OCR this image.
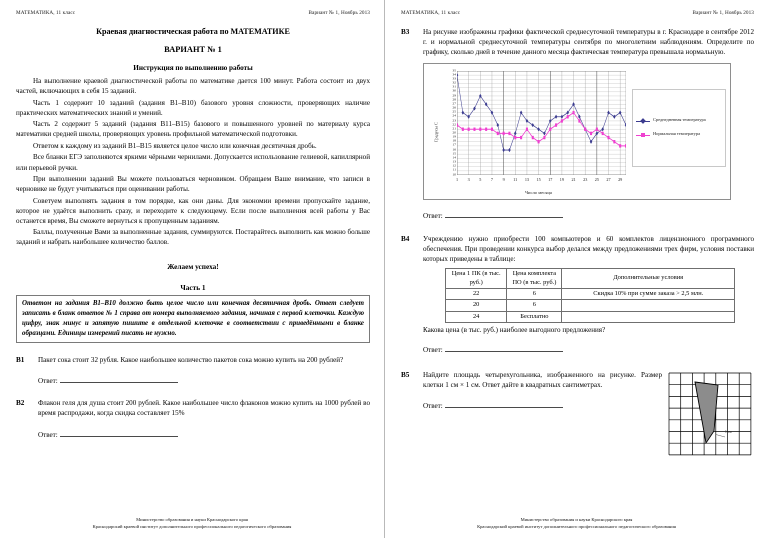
МАТЕМАТИКА, 11 класс	Вариант № 1, Ноябрь 2013
Краевая диагностическая работа по МАТЕМАТИКЕ
ВАРИАНТ № 1
Инструкция по выполнению работы

На выполнение краевой диагностической работы по математике дается 100 минут. Работа состоит из двух частей, включающих в себя 15 заданий.

Часть 1 содержит 10 заданий (задания В1–В10) базового уровня сложности, проверяющих наличие практических математических знаний и умений.

Часть 2 содержит 5 заданий (задания В11–В15) базового и повышенного уровней по материалу курса математики средней школы, проверяющих уровень профильной математической подготовки.

Ответом к каждому из заданий В1–В15 является целое число или конечная десятичная дробь.

Все бланки ЕГЭ заполняются яркими чёрными чернилами. Допускается использование гелиевой, капиллярной или перьевой ручки.

При выполнении заданий Вы можете пользоваться черновиком. Обращаем Ваше внимание, что записи в черновике не будут учитываться при оценивании работы.

Советуем выполнять задания в том порядке, как они даны. Для экономии времени пропускайте задание, которое не удаётся выполнить сразу, и переходите к следующему. Если после выполнения всей работы у Вас останется время, Вы сможете вернуться к пропущенным заданиям.

Баллы, полученные Вами за выполненные задания, суммируются. Постарайтесь выполнить как можно больше заданий и набрать наибольшее количество баллов.

Желаем успеха!
Часть 1
Ответом на задания В1–В10 должно быть целое число или конечная десятичная дробь. Ответ следует записать в бланк ответов № 1 справа от номера выполняемого задания, начиная с первой клеточки. Каждую цифру, знак минус и запятую пишите в отдельной клеточке в соответствии с приведёнными в бланке образцами. Единицы измерений писать не нужно.
В1	Пакет сока стоит 32 рубля. Какое наибольшее количество пакетов сока можно купить на 200 рублей?
Ответ:
В2	Флакон геля для душа стоит 200 рублей. Какое наибольшее число флаконов можно купить на 1000 рублей во время распродажи, когда скидка составляет 15%
Ответ:
Министерство образования и науки Краснодарского края
Краснодарский краевой институт дополнительного профессионального педагогического образования
МАТЕМАТИКА, 11 класс	Вариант № 1, Ноябрь 2013
В3	На рисунке изображены графики фактической среднесуточной температуры в г. Краснодаре в сентябре 2012 г. и нормальной среднесуточной температуры сентября по многолетним наблюдениям. Определите по графику, сколько дней в течение данного месяца фактическая температура превышала нормальную.
Градусы С
10
11
12
13
14
15
16
17
18
19
20
21
22
23
24
25
26
27
28
29
30
31
32
33
34
35
1 3 5 7 9 11 13 15 17 19 21 23 25 27 29
Число месяца
Среднедневная температура
Нормальная температура
Ответ:
В4	Учреждению нужно приобрести 100 компьютеров и 60 комплектов лицензионного программного обеспечения. При проведении конкурса выбор делался между предложениями трех фирм, условия поставки которых приведены в таблице:
Цена 1 ПК (в тыс. руб.)	Цена комплекта ПО (в тыс. руб.)	Дополнительные условия
22	6	Скидка 10% при сумме заказа > 2,5 млн.
20	6	
24	Бесплатно	
Какова цена (в тыс. руб.) наиболее выгодного предложения?
Ответ:
В5	Найдите площадь четырехугольника, изображенного на рисунке. Размер клетки 1 см × 1 см. Ответ дайте в квадратных сантиметрах.
Ответ:
1 см
Министерство образования и науки Краснодарского края
Краснодарский краевой институт дополнительного профессионального педагогического образования
